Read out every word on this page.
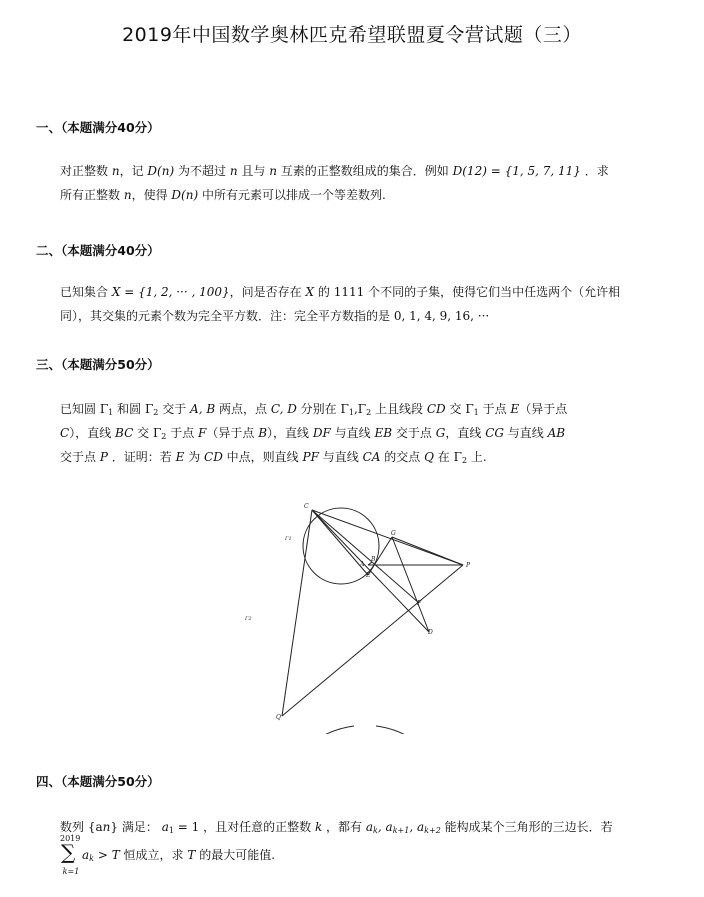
2019年中国数学奥林匹克希望联盟夏令营试题（三）
一、（本题满分40分）
对正整数 n，记 D(n) 为不超过 n 且与 n 互素的正整数组成的集合．例如 D(12) = {1, 5, 7, 11} ．求
所有正整数 n，使得 D(n) 中所有元素可以排成一个等差数列.
二、（本题满分40分）
已知集合 X = {1, 2, ··· , 100}，问是否存在 X 的 1111 个不同的子集，使得它们当中任选两个（允许相
同），其交集的元素个数为完全平方数．注：完全平方数指的是 0, 1, 4, 9, 16, ···
三、（本题满分50分）
已知圆 $\Gamma_1$ 和圆 $\Gamma_2$ 交于 A, B 两点，点 C, D 分别在 $\Gamma_1,\Gamma_2$ 上且线段 CD 交 $\Gamma_1$ 于点 E（异于点
C），直线 BC 交 $\Gamma_2$ 于点 F（异于点 B），直线 DF 与直线 EB 交于点 G，直线 CG 与直线 AB
交于点 P ．证明：若 E 为 CD 中点，则直线 PF 与直线 CA 的交点 Q 在 $\Gamma_2$ 上.
C
G
P
B
E
A
F
D
Q
Γ1
Γ2
四、（本题满分50分）
数列 {an} 满足： $a_1 = 1$ ，且对任意的正整数 k ，都有 $a_k$, $a_{k+1}$, $a_{k+2}$ 能构成某个三角形的三边长．若
2019
∑
k=1
$a_k > T$ 恒成立，求 T 的最大可能值.
